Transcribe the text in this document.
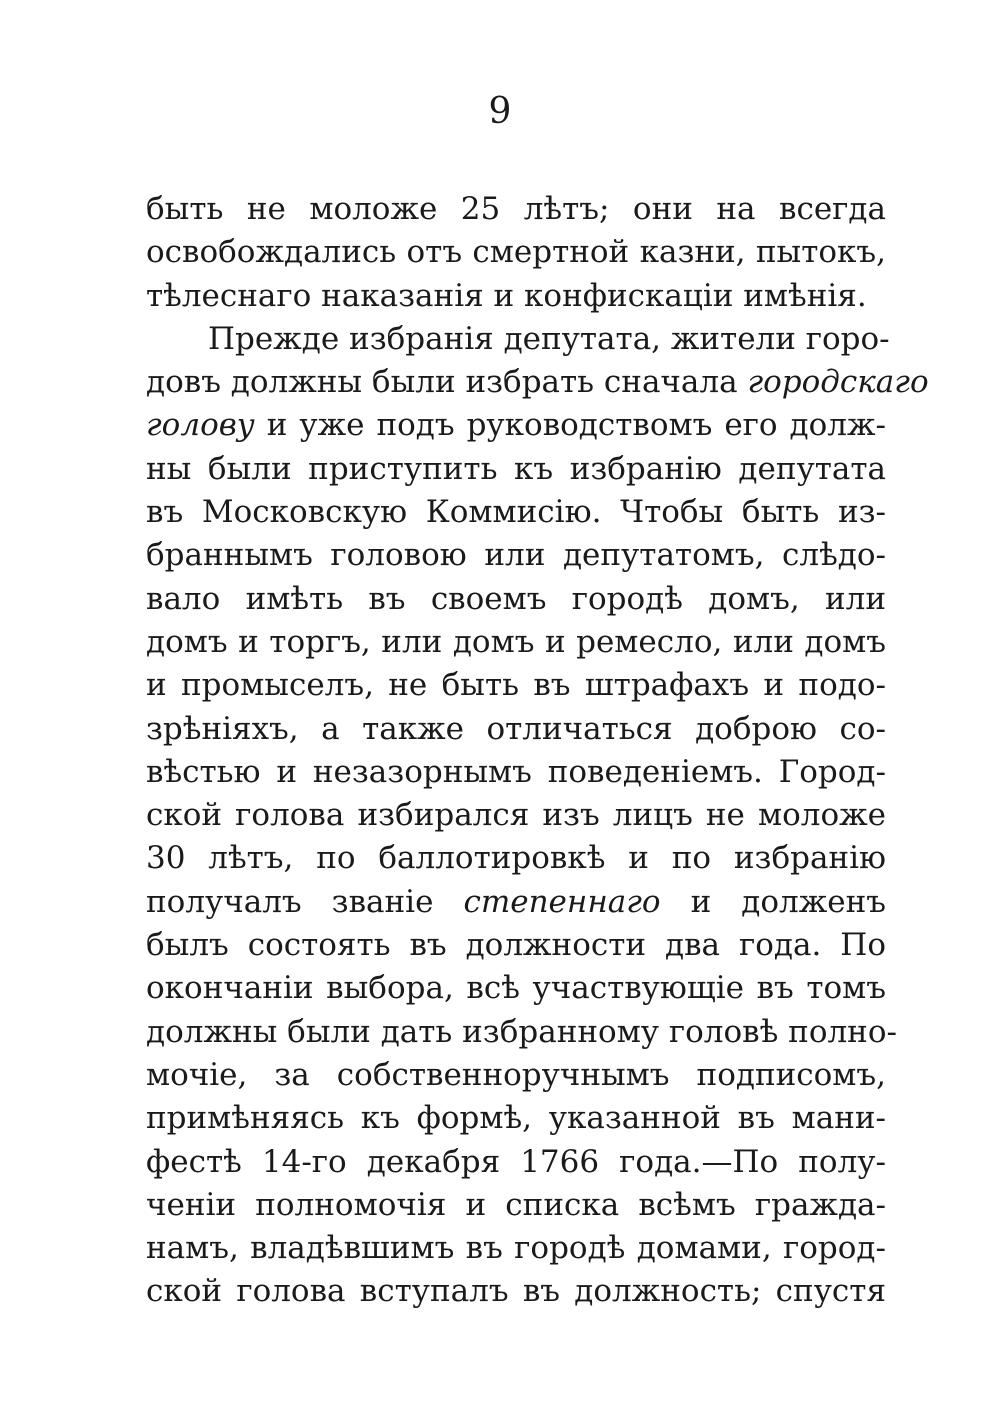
9
быть не моложе 25 лѣтъ; они на всегда
освобождались отъ смертной казни, пытокъ,
тѣлеснаго наказанія и конфискаціи имѣнія.
Прежде избранія депутата, жители горо-
довъ должны были избрать сначала городскаго
голову и уже подъ руководствомъ его долж-
ны были приступить къ избранію депутата
въ Московскую Коммисію. Чтобы быть из-
браннымъ головою или депутатомъ, слѣдо-
вало имѣть въ своемъ городѣ домъ, или
домъ и торгъ, или домъ и ремесло, или домъ
и промыселъ, не быть въ штрафахъ и подо-
зрѣніяхъ, а также отличаться доброю со-
вѣстью и незазорнымъ поведеніемъ. Город-
ской голова избирался изъ лицъ не моложе
30 лѣтъ, по баллотировкѣ и по избранію
получалъ званіе степеннаго и долженъ
былъ состоять въ должности два года. По
окончаніи выбора, всѣ участвующіе въ томъ
должны были дать избранному головѣ полно-
мочіе, за собственноручнымъ подписомъ,
примѣняясь къ формѣ, указанной въ мани-
фестѣ 14-го декабря 1766 года.—По полу-
ченіи полномочія и списка всѣмъ гражда-
намъ, владѣвшимъ въ городѣ домами, город-
ской голова вступалъ въ должность; спустя
